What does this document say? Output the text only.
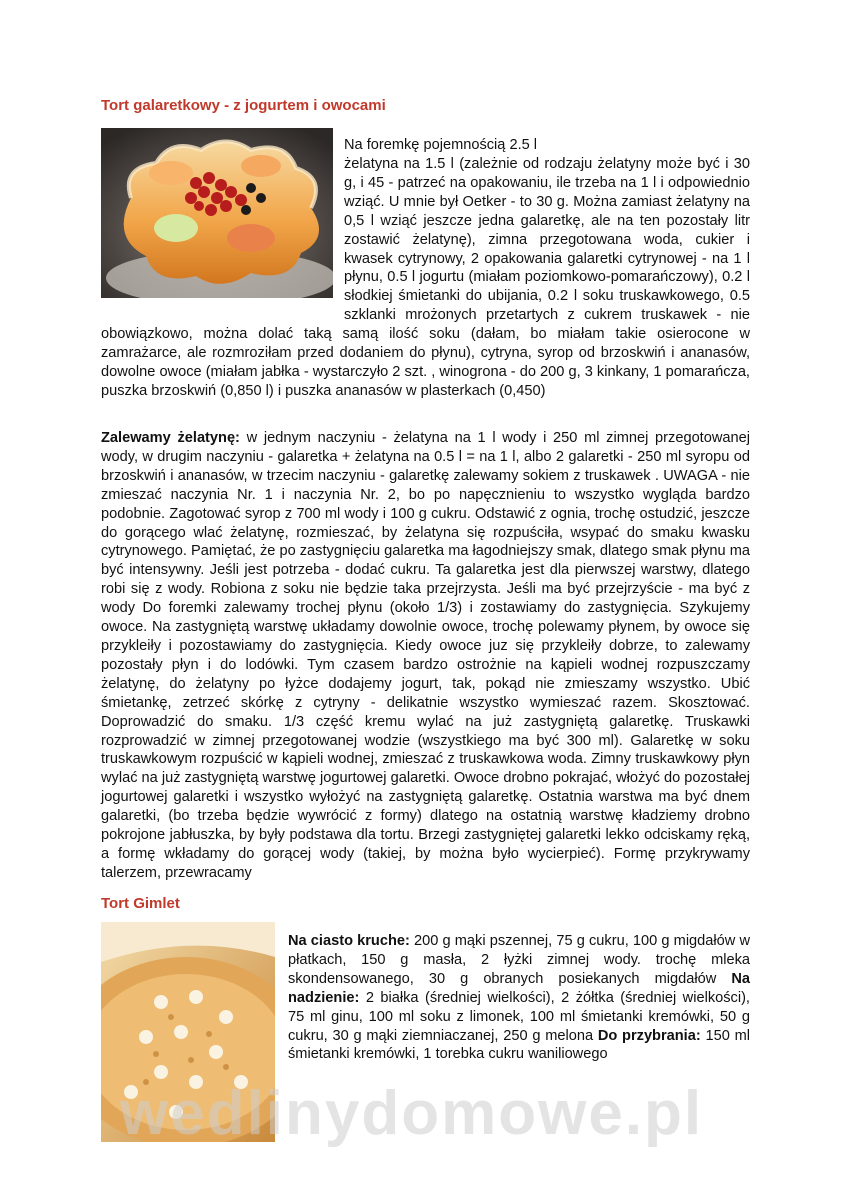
Tort galaretkowy - z jogurtem i owocami

Na foremkę pojemnością 2.5 l

żelatyna na 1.5 l (zależnie od rodzaju żelatyny może być i 30 g, i 45 - patrzeć na opakowaniu, ile trzeba na 1 l i odpowiednio wziąć. U mnie był Oetker - to 30 g. Można zamiast żelatyny na 0,5 l wziąć jeszcze jedna galaretkę, ale na ten pozostały litr zostawić żelatynę), zimna przegotowana woda, cukier i kwasek cytrynowy, 2 opakowania galaretki cytrynowej - na 1 l płynu, 0.5 l jogurtu (miałam poziomkowo-pomarańczowy), 0.2 l słodkiej śmietanki do ubijania, 0.2 l soku truskawkowego, 0.5 szklanki mrożonych przetartych z cukrem truskawek - nie obowiązkowo, można dolać taką samą ilość soku (dałam, bo miałam takie osierocone w zamrażarce, ale rozmroziłam przed dodaniem do płynu), cytryna, syrop od brzoskwiń i ananasów, dowolne owoce (miałam jabłka - wystarczyło 2 szt. , winogrona - do 200 g, 3 kinkany, 1 pomarańcza, puszka brzoskwiń (0,850 l) i puszka ananasów w plasterkach (0,450)

Zalewamy żelatynę: w jednym naczyniu - żelatyna na 1 l wody i 250 ml zimnej przegotowanej wody, w drugim naczyniu - galaretka + żelatyna na 0.5 l = na 1 l, albo 2 galaretki - 250 ml syropu od brzoskwiń i ananasów, w trzecim naczyniu - galaretkę zalewamy sokiem z truskawek . UWAGA - nie zmieszać naczynia Nr. 1 i naczynia Nr. 2, bo po napęcznieniu to wszystko wygląda bardzo podobnie. Zagotować syrop z 700 ml wody i 100 g cukru. Odstawić z ognia, trochę ostudzić, jeszcze do gorącego wlać żelatynę, rozmieszać, by żelatyna się rozpuściła, wsypać do smaku kwasku cytrynowego. Pamiętać, że po zastygnięciu galaretka ma łagodniejszy smak, dlatego smak płynu ma być intensywny. Jeśli jest potrzeba - dodać cukru. Ta galaretka jest dla pierwszej warstwy, dlatego robi się z wody. Robiona z soku nie będzie taka przejrzysta. Jeśli ma być przejrzyście - ma być z wody Do foremki zalewamy trochej płynu (około 1/3) i zostawiamy do zastygnięcia. Szykujemy owoce. Na zastygniętą warstwę układamy dowolnie owoce, trochę polewamy płynem, by owoce się przykleiły i pozostawiamy do zastygnięcia. Kiedy owoce juz się przykleiły dobrze, to zalewamy pozostały płyn i do lodówki. Tym czasem bardzo ostrożnie na kąpieli wodnej rozpuszczamy żelatynę, do żelatyny po łyżce dodajemy jogurt, tak, pokąd nie zmieszamy wszystko. Ubić śmietankę, zetrzeć skórkę z cytryny - delikatnie wszystko wymieszać razem. Skosztować. Doprowadzić do smaku. 1/3 część kremu wylać na już zastygniętą galaretkę. Truskawki rozprowadzić w zimnej przegotowanej wodzie (wszystkiego ma być 300 ml). Galaretkę w soku truskawkowym rozpuścić w kąpieli wodnej, zmieszać z truskawkowa woda. Zimny truskawkowy płyn wylać na już zastygniętą warstwę jogurtowej galaretki. Owoce drobno pokrajać, włożyć do pozostałej jogurtowej galaretki i wszystko wyłożyć na zastygniętą galaretkę. Ostatnia warstwa ma być dnem galaretki, (bo trzeba będzie wywrócić z formy) dlatego na ostatnią warstwę kładziemy drobno pokrojone jabłuszka, by były podstawa dla tortu. Brzegi zastygniętej galaretki lekko odciskamy ręką, a formę wkładamy do gorącej wody (takiej, by można było wycierpieć). Formę przykrywamy talerzem, przewracamy

Tort Gimlet

Na ciasto kruche: 200 g mąki pszennej, 75 g cukru, 100 g migdałów w płatkach, 150 g masła, 2 łyżki zimnej wody. trochę mleka skondensowanego, 30 g obranych posiekanych migdałów Na nadzienie: 2 białka (średniej wielkości), 2 żółtka (średniej wielkości), 75 ml ginu, 100 ml soku z limonek, 100 ml śmietanki kremówki, 50 g cukru, 30 g mąki ziemniaczanej, 250 g melona Do przybrania: 150 ml śmietanki kremówki, 1 torebka cukru waniliowego

wedlinydomowe.pl
